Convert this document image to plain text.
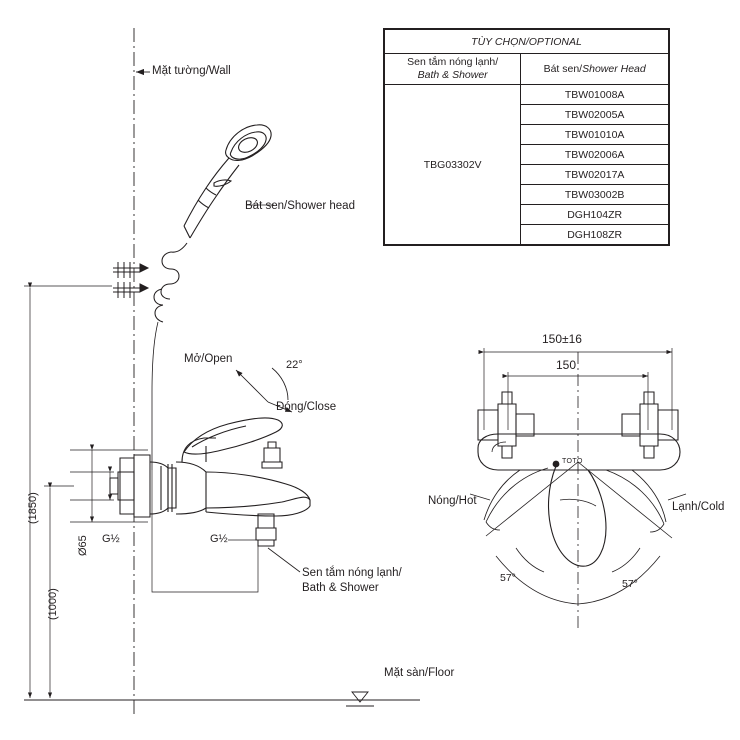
TÙY CHỌN/OPTIONAL	
Sen tắm nóng lạnh/
Bath & Shower	Bát sen/Shower Head
TBG03302V	TBW01008A
	TBW02005A
	TBW01010A
	TBW02006A
	TBW02017A
	TBW03002B
	DGH104ZR
	DGH108ZR
Mặt tường/Wall
Bát sen/Shower head
Mở/Open	22°
Đóng/Close
Sen tắm nóng lạnh/
Bath & Shower
Mặt sàn/Floor
G½	G½
Ø65
(1850)
(1000)
150±16
150
Nóng/Hot	Lạnh/Cold
57°	57°
TOTO
